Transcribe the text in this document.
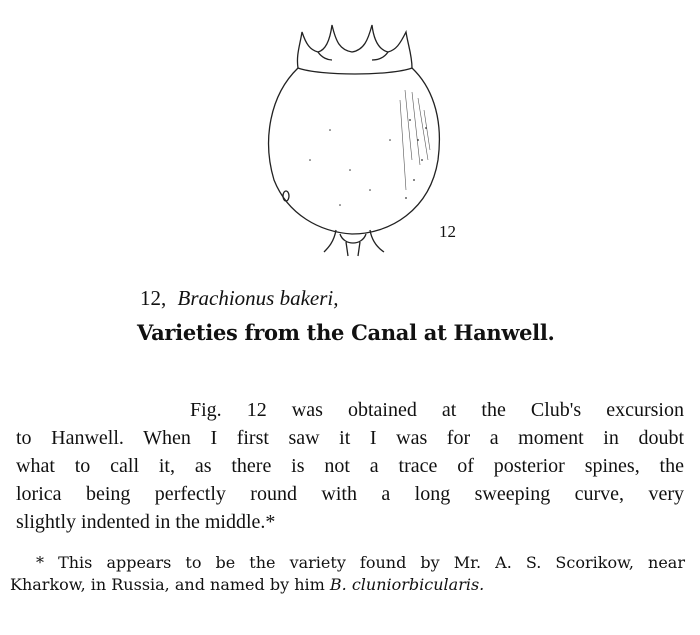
12
12, Brachionus bakeri,
Varieties from the Canal at Hanwell.
Fig. 12 was obtained at the Club's excursion
to Hanwell. When I first saw it I was for a moment in doubt
what to call it, as there is not a trace of posterior spines, the
lorica being perfectly round with a long sweeping curve, very
slightly indented in the middle.*
* This appears to be the variety found by Mr. A. S. Scorikow, near
Kharkow, in Russia, and named by him B. cluniorbicularis.
